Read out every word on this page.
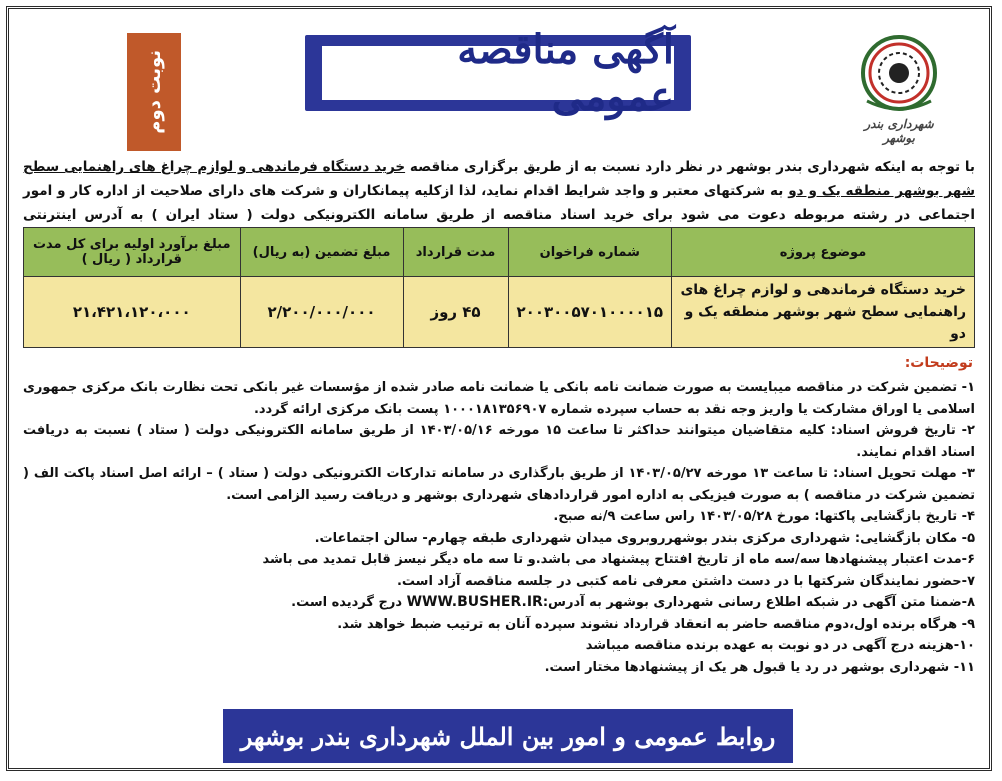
شهرداری بندر بوشهر
آگهی مناقصه عمومی
نوبت دوم
با توجه به اینکه شهرداری بندر بوشهر در نظر دارد نسبت به از طریق برگزاری مناقصه خرید دستگاه فرماندهی و لوازم چراغ های راهنمایی سطح شهر بوشهر منطقه یک و دو به شرکتهای معتبر و واجد شرایط اقدام نماید، لذا ازکلیه پیمانکاران و شرکت های دارای صلاحیت از اداره کار و امور اجتماعی در رشته مربوطه دعوت می شود برای خرید اسناد مناقصه از طریق سامانه الکترونیکی دولت ( ستاد ایران ) به آدرس اینترنتی
موضوع پروژه	شماره فراخوان	مدت قرارداد	مبلغ تضمین (به ریال)	مبلغ برآورد اولیه برای کل مدت قرارداد ( ریال )
خرید دستگاه فرماندهی و لوازم چراغ های راهنمایی سطح شهر بوشهر منطقه یک و دو	۲۰۰۳۰۰۵۷۰۱۰۰۰۰۱۵	۴۵ روز	۲/۲۰۰/۰۰۰/۰۰۰	۲۱،۴۲۱،۱۲۰،۰۰۰
توضیحات:
۱- تضمین شرکت در مناقصه میبایست به صورت ضمانت نامه بانکی یا ضمانت نامه صادر شده از مؤسسات غیر بانکی تحت نظارت بانک مرکزی جمهوری اسلامی یا اوراق مشارکت یا واریز وجه نقد به حساب سپرده شماره ۱۰۰۰۱۸۱۳۵۶۹۰۷ پست بانک مرکزی ارائه گردد.
۲- تاریخ فروش اسناد: کلیه متقاضیان میتوانند حداکثر تا ساعت ۱۵ مورخه ۱۴۰۳/۰۵/۱۶ از طریق سامانه الکترونیکی دولت ( ستاد ) نسبت به دریافت اسناد اقدام نمایند.
۳- مهلت تحویل اسناد: تا ساعت ۱۳ مورخه ۱۴۰۳/۰۵/۲۷ از طریق بارگذاری در سامانه تدارکات الکترونیکی دولت ( ستاد ) – ارائه اصل اسناد پاکت الف ( تضمین شرکت در مناقصه ) به صورت فیزیکی به اداره امور قراردادهای شهرداری بوشهر و دریافت رسید الزامی است.
۴- تاریخ بازگشایی پاکتها: مورخ ۱۴۰۳/۰۵/۲۸ راس ساعت ۹/نه صبح.
۵- مکان بازگشایی: شهرداری مرکزی بندر بوشهرروبروی میدان شهرداری طبقه چهارم- سالن اجتماعات.
۶-مدت اعتبار پیشنهادها سه/سه ماه از تاریخ افتتاح پیشنهاد می باشد.و تا سه ماه دیگر نیسز قابل تمدید می باشد
۷-حضور نمایندگان شرکتها با در دست داشتن معرفی نامه کتبی در جلسه مناقصه آزاد است.
۸-ضمنا متن آگهی در شبکه اطلاع رسانی شهرداری بوشهر به آدرس:WWW.BUSHER.IR درج گردیده است.
۹- هرگاه برنده اول،دوم مناقصه حاضر به انعقاد قرارداد نشوند سپرده آنان به ترتیب ضبط خواهد شد.
۱۰-هزینه درج آگهی در دو نوبت به عهده برنده مناقصه میباشد
۱۱- شهرداری بوشهر در رد یا قبول هر یک از پیشنهادها مختار است.
روابط عمومی و امور بین الملل شهرداری بندر بوشهر
